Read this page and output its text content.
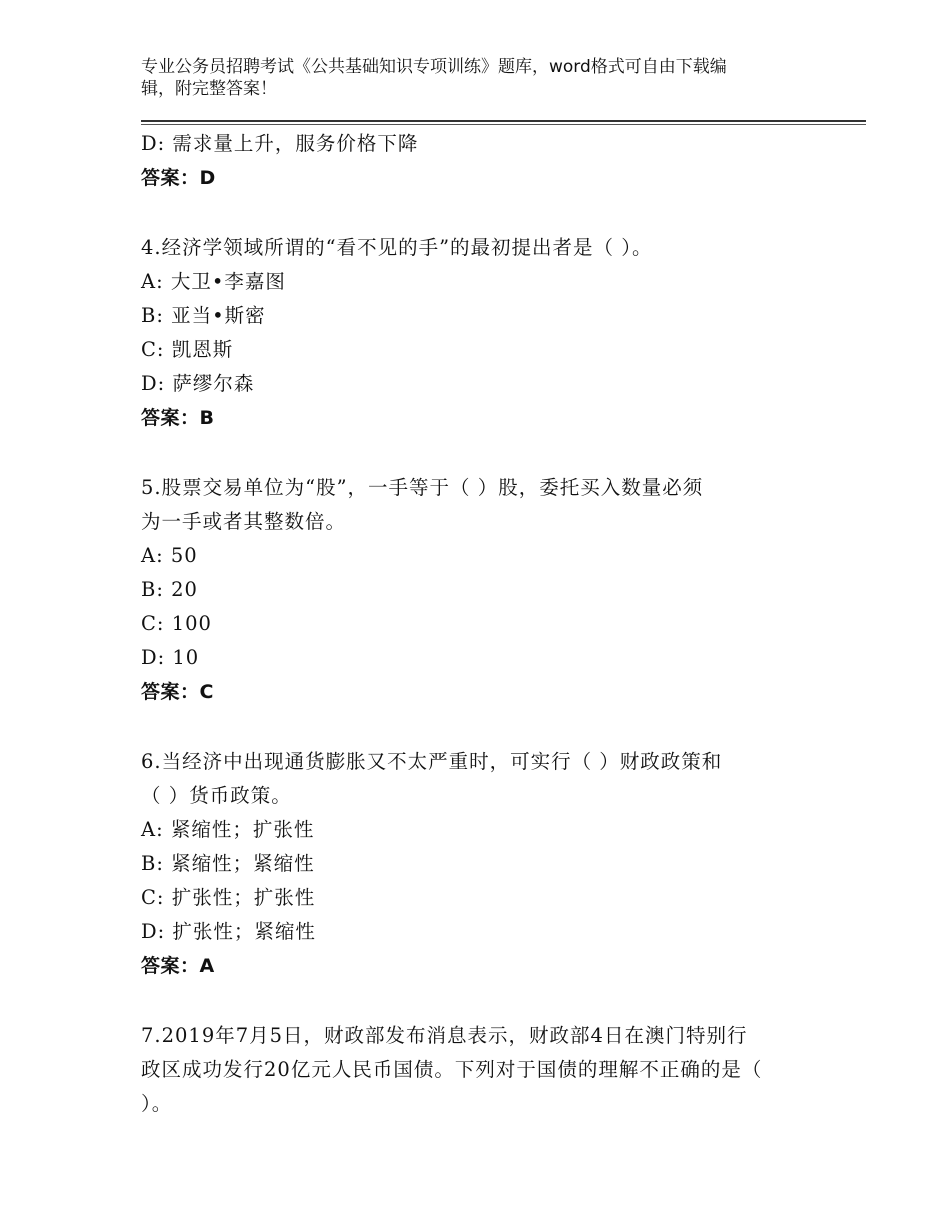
专业公务员招聘考试《公共基础知识专项训练》题库，word格式可自由下载编
辑，附完整答案！
D: 需求量上升，服务价格下降
答案：D
4.经济学领域所谓的“看不见的手”的最初提出者是（ ）。
A: 大卫•李嘉图
B: 亚当•斯密
C: 凯恩斯
D: 萨缪尔森
答案：B
5.股票交易单位为“股”，一手等于（ ）股，委托买入数量必须
为一手或者其整数倍。
A: 50
B: 20
C: 100
D: 10
答案：C
6.当经济中出现通货膨胀又不太严重时，可实行（ ）财政政策和
（ ）货币政策。
A: 紧缩性；扩张性
B: 紧缩性；紧缩性
C: 扩张性；扩张性
D: 扩张性；紧缩性
答案：A
7.2019年7月5日，财政部发布消息表示，财政部4日在澳门特别行
政区成功发行20亿元人民币国债。下列对于国债的理解不正确的是（
）。
